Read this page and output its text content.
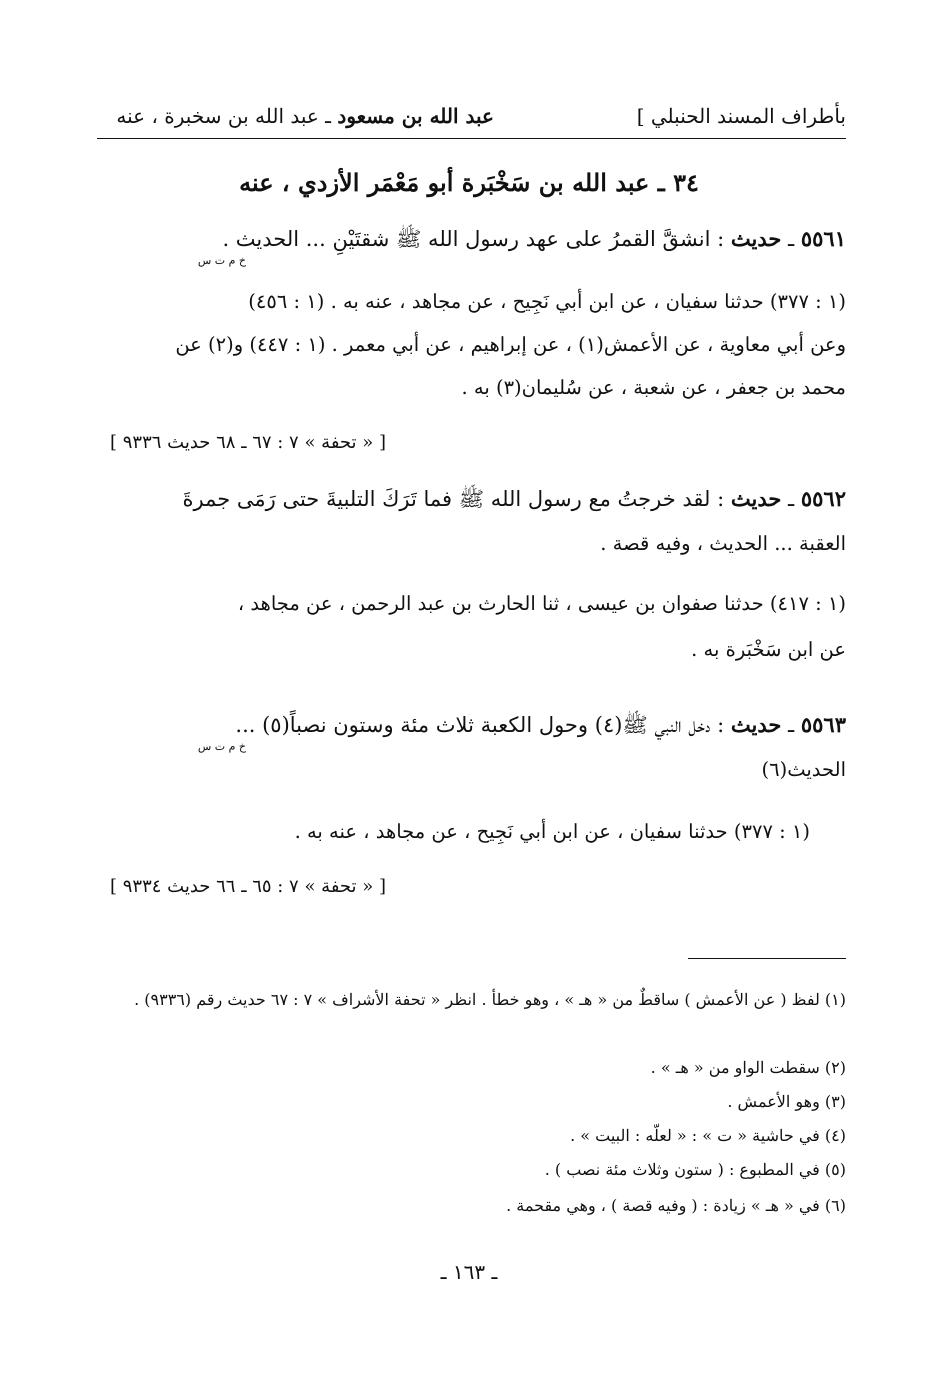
بأطراف المسند الحنبلي ]
عبد الله بن مسعود ـ عبد الله بن سخبرة ، عنه
٣٤ ـ عبد الله بن سَخْبَرة أبو مَعْمَر الأزدي ، عنه
٥٥٦١ ـ حديث : انشقَّ القمرُ على عهد رسول الله ﷺ شقتَيْنِ ... الحديث .
خ م ت س
(١ : ٣٧٧) حدثنا سفيان ، عن ابن أبي نَجِيح ، عن مجاهد ، عنه به . (١ : ٤٥٦)
وعن أبي معاوية ، عن الأعمش(١) ، عن إبراهيم ، عن أبي معمر . (١ : ٤٤٧) و(٢) عن
محمد بن جعفر ، عن شعبة ، عن سُليمان(٣) به .
[ « تحفة » ٧ : ٦٧ ـ ٦٨ حديث ٩٣٣٦ ]
٥٥٦٢ ـ حديث : لقد خرجتُ مع رسول الله ﷺ فما تَرَكَ التلبيةَ حتى رَمَى جمرةَ
العقبة ... الحديث ، وفيه قصة .
(١ : ٤١٧) حدثنا صفوان بن عيسى ، ثنا الحارث بن عبد الرحمن ، عن مجاهد ،
عن ابن سَخْبَرة به .
٥٥٦٣ ـ حديث : دخل النبي ﷺ(٤) وحول الكعبة ثلاث مئة وستون نصباً(٥) ...
خ م ت س
الحديث(٦)
(١ : ٣٧٧) حدثنا سفيان ، عن ابن أبي نَجِيح ، عن مجاهد ، عنه به .
[ « تحفة » ٧ : ٦٥ ـ ٦٦ حديث ٩٣٣٤ ]
(١) لفظ ( عن الأعمش ) ساقطٌ من « هـ » ، وهو خطأ . انظر « تحفة الأشراف » ٧ : ٦٧ حديث رقم (٩٣٣٦) .
(٢) سقطت الواو من « هـ » .
(٣) وهو الأعمش .
(٤) في حاشية « ت » : « لعلّه : البيت » .
(٥) في المطبوع : ( ستون وثلاث مئة نصب ) .
(٦) في « هـ » زيادة : ( وفيه قصة ) ، وهي مقحمة .
ـ ١٦٣ ـ
